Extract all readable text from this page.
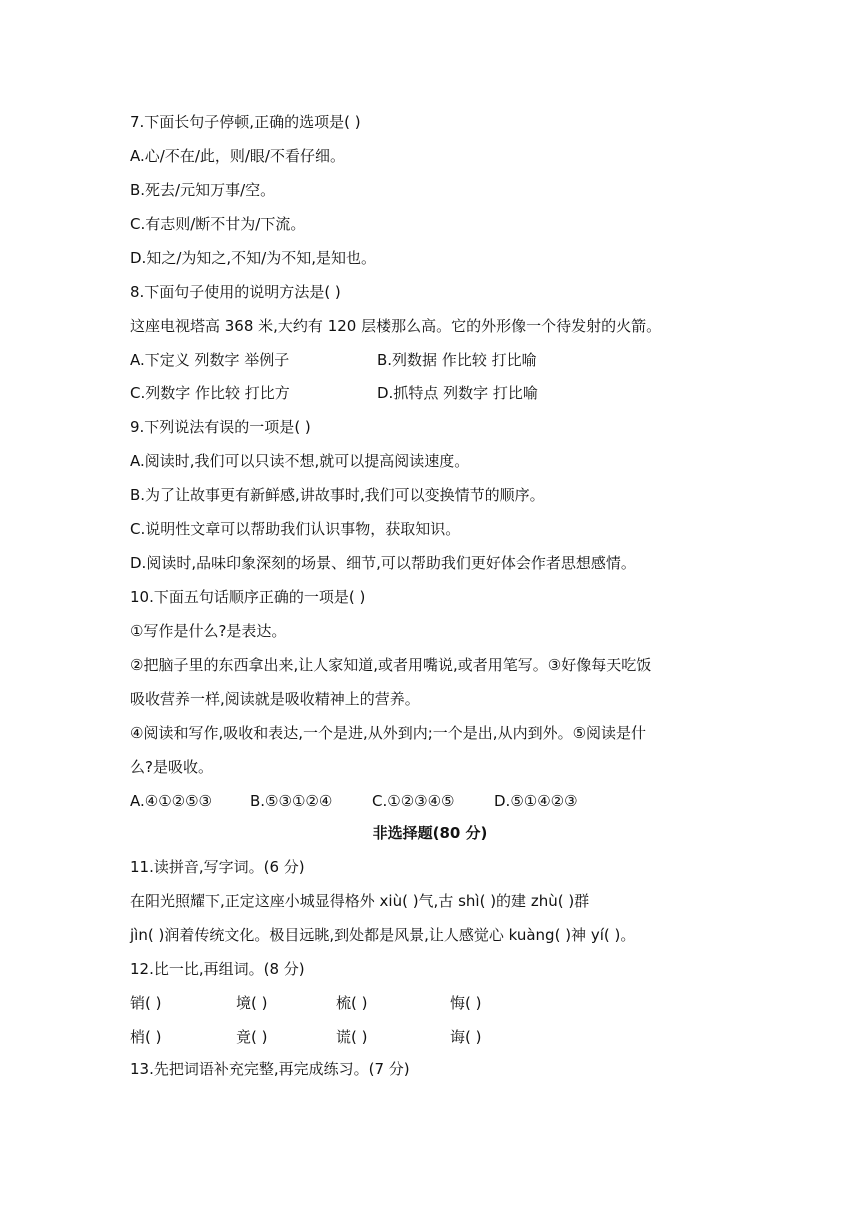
7.下面长句子停顿,正确的选项是( )
A.心/不在/此，则/眼/不看仔细。
B.死去/元知万事/空。
C.有志则/断不甘为/下流。
D.知之/为知之,不知/为不知,是知也。
8.下面句子使用的说明方法是( )
这座电视塔高 368 米,大约有 120 层楼那么高。它的外形像一个待发射的火箭。
A.下定义 列数字 举例子	B.列数据 作比较 打比喻
C.列数字 作比较 打比方	D.抓特点 列数字 打比喻
9.下列说法有误的一项是( )
A.阅读时,我们可以只读不想,就可以提高阅读速度。
B.为了让故事更有新鲜感,讲故事时,我们可以变换情节的顺序。
C.说明性文章可以帮助我们认识事物，获取知识。
D.阅读时,品味印象深刻的场景、细节,可以帮助我们更好体会作者思想感情。
10.下面五句话顺序正确的一项是( )
①写作是什么?是表达。
②把脑子里的东西拿出来,让人家知道,或者用嘴说,或者用笔写。③好像每天吃饭
吸收营养一样,阅读就是吸收精神上的营养。
④阅读和写作,吸收和表达,一个是进,从外到内;一个是出,从内到外。⑤阅读是什
么?是吸收。
A.④①②⑤③	B.⑤③①②④	C.①②③④⑤	D.⑤①④②③
非选择题(80 分)
11.读拼音,写字词。(6 分)
在阳光照耀下,正定这座小城显得格外 xiù( )气,古 shì( )的建 zhù( )群
jìn( )润着传统文化。极目远眺,到处都是风景,让人感觉心 kuàng( )神 yí( )。
12.比一比,再组词。(8 分)
销( )	境( )	梳( )	悔( )
梢( )	竟( )	谎( )	诲( )
13.先把词语补充完整,再完成练习。(7 分)
